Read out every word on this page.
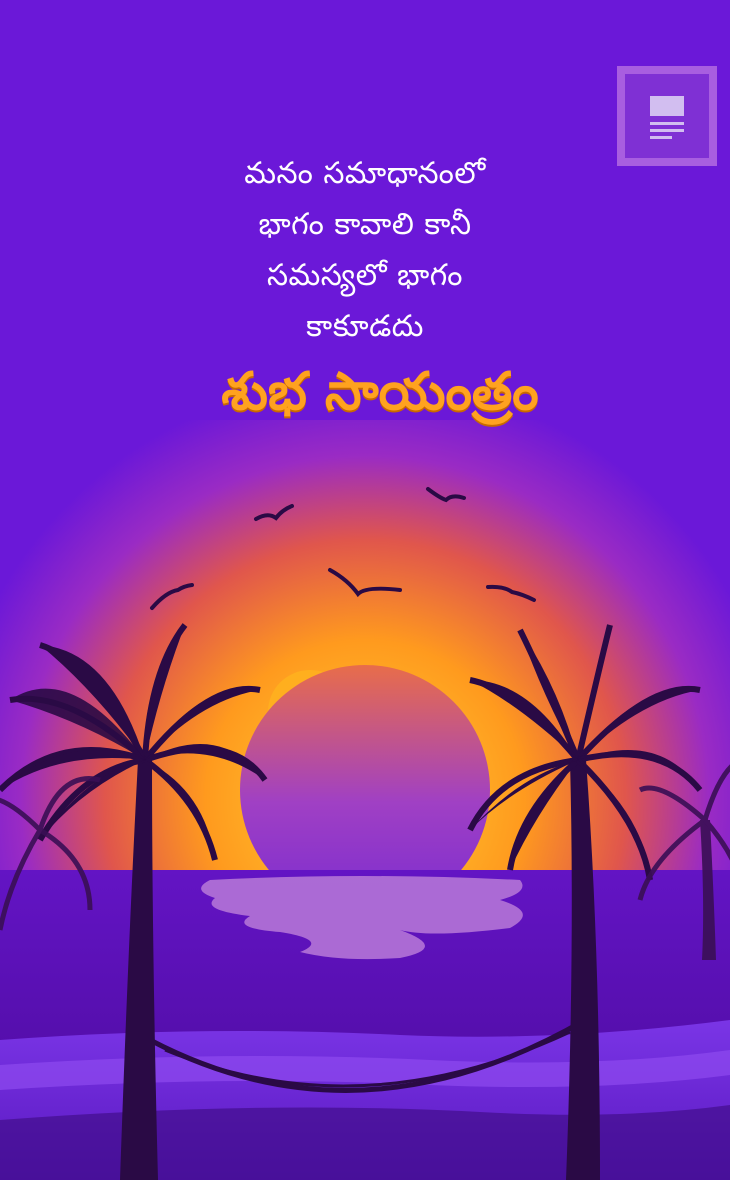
మనం సమాధానంలో
భాగం కావాలి కానీ
సమస్యలో భాగం
కాకూడదు
శుభ సాయంత్రం
